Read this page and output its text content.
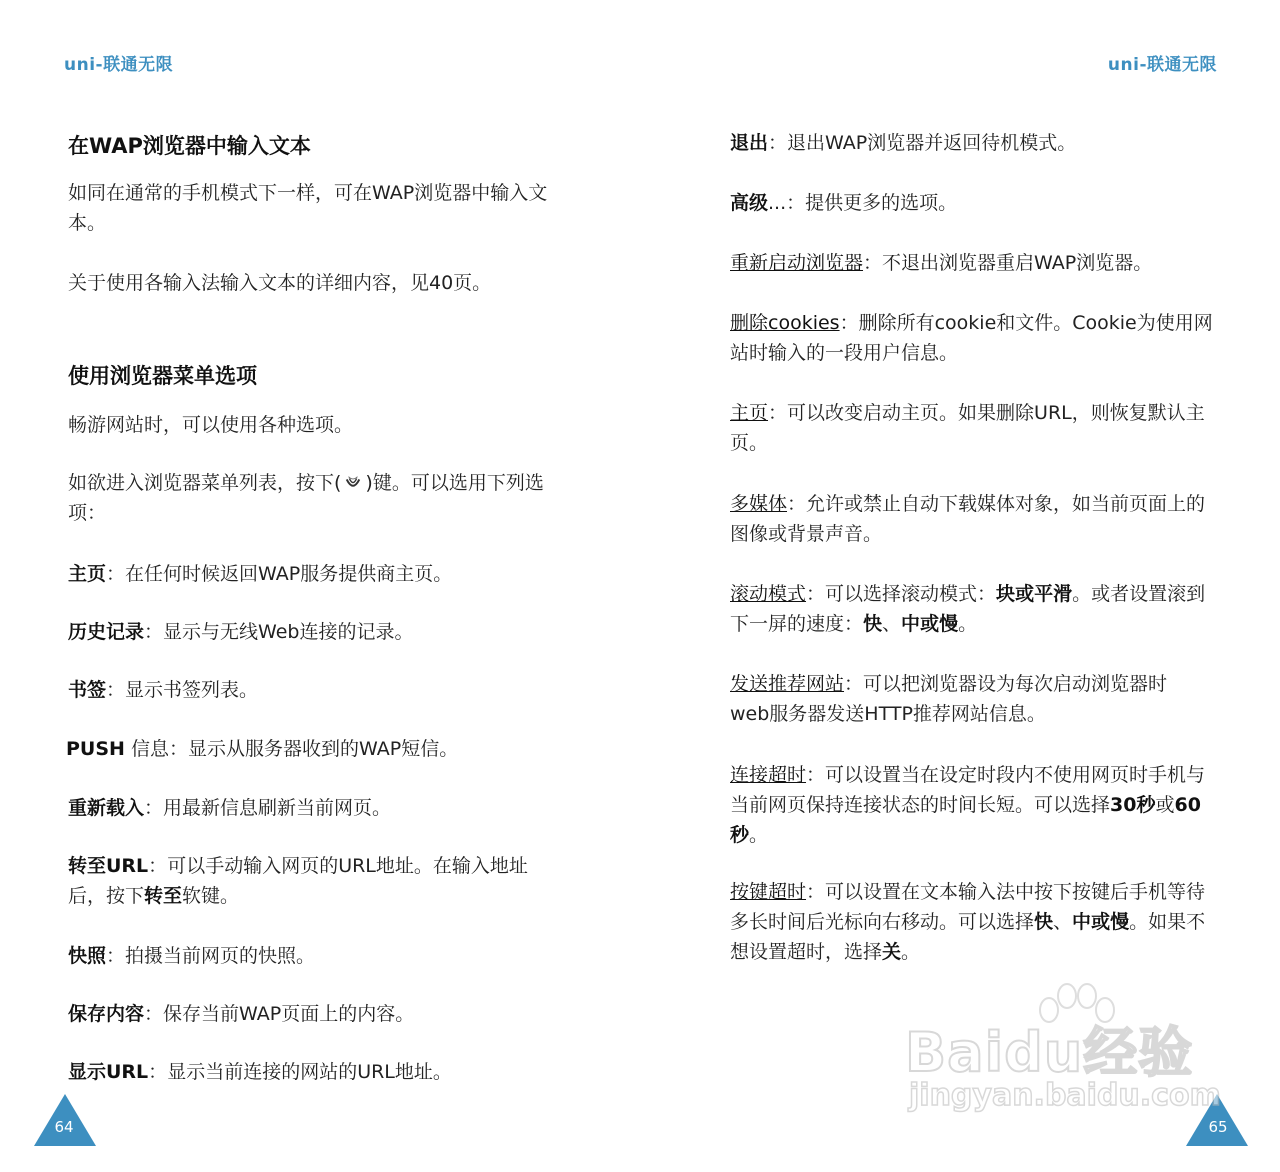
uni-联通无限	uni-联通无限
在WAP浏览器中输入文本
如同在通常的手机模式下一样，可在WAP浏览器中输入文本。
关于使用各输入法输入文本的详细内容，见40页。
使用浏览器菜单选项
畅游网站时，可以使用各种选项。
如欲进入浏览器菜单列表，按下( )键。可以选用下列选项：
主页：在任何时候返回WAP服务提供商主页。
历史记录：显示与无线Web连接的记录。
书签：显示书签列表。
PUSH 信息：显示从服务器收到的WAP短信。
重新载入：用最新信息刷新当前网页。
转至URL：可以手动输入网页的URL地址。在输入地址后，按下转至软键。
快照：拍摄当前网页的快照。
保存内容：保存当前WAP页面上的内容。
显示URL：显示当前连接的网站的URL地址。
退出：退出WAP浏览器并返回待机模式。
高级...：提供更多的选项。
重新启动浏览器：不退出浏览器重启WAP浏览器。
删除cookies：删除所有cookie和文件。Cookie为使用网站时输入的一段用户信息。
主页：可以改变启动主页。如果删除URL，则恢复默认主页。
多媒体：允许或禁止自动下载媒体对象，如当前页面上的图像或背景声音。
滚动模式：可以选择滚动模式：块或平滑。或者设置滚到下一屏的速度：快、中或慢。
发送推荐网站：可以把浏览器设为每次启动浏览器时web服务器发送HTTP推荐网站信息。
连接超时：可以设置当在设定时段内不使用网页时手机与当前网页保持连接状态的时间长短。可以选择30秒或60秒。
按键超时：可以设置在文本输入法中按下按键后手机等待多长时间后光标向右移动。可以选择快、中或慢。如果不想设置超时，选择关。
64	65
Baidu经验
jingyan.baidu.com
